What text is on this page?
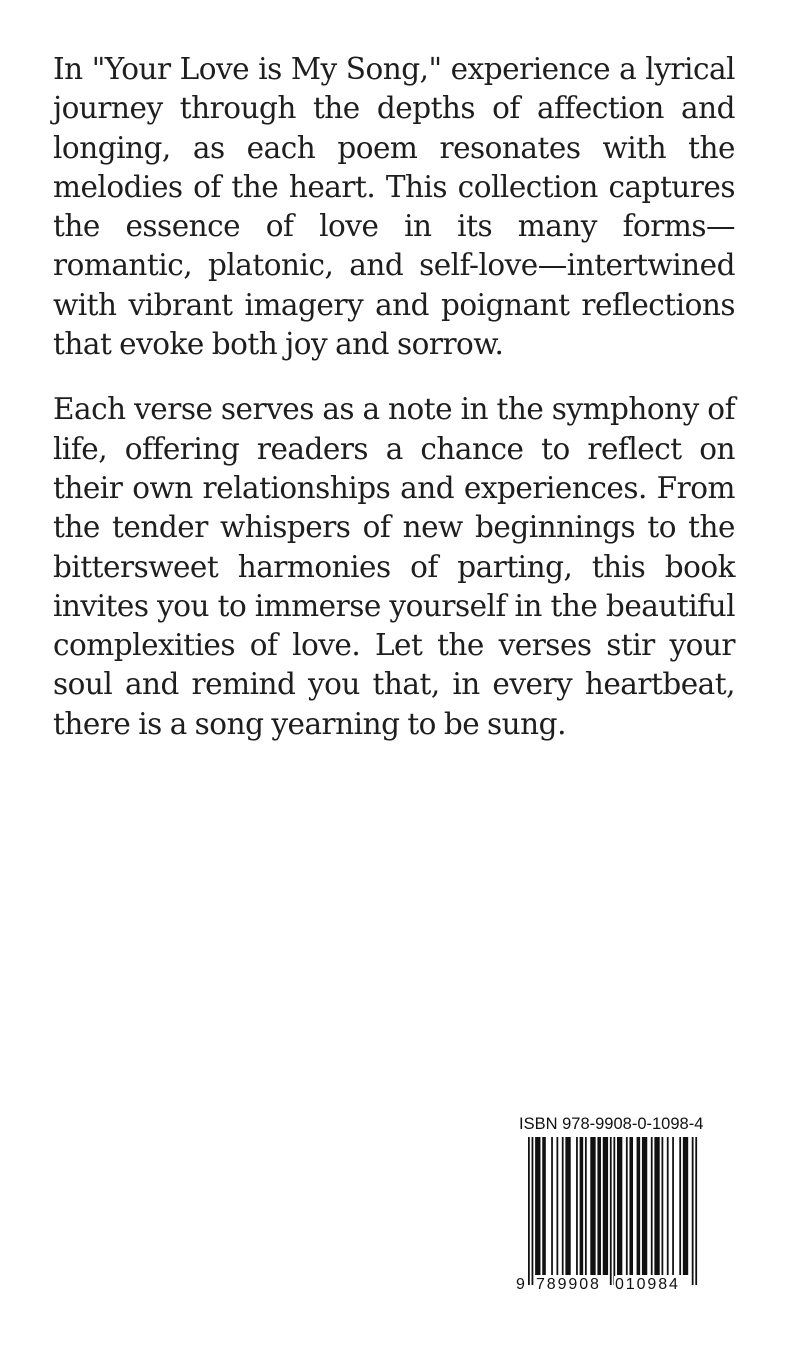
In "Your Love is My Song," experience a lyrical journey through the depths of affection and longing, as each poem resonates with the melodies of the heart. This collection captures the essence of love in its many forms—romantic, platonic, and self-love—intertwined with vibrant imagery and poignant reflections that evoke both joy and sorrow.

Each verse serves as a note in the symphony of life, offering readers a chance to reflect on their own relationships and experiences. From the tender whispers of new beginnings to the bittersweet harmonies of parting, this book invites you to immerse yourself in the beautiful complexities of love. Let the verses stir your soul and remind you that, in every heartbeat, there is a song yearning to be sung.

ISBN 978-9908-0-1098-4
9 789908 010984
